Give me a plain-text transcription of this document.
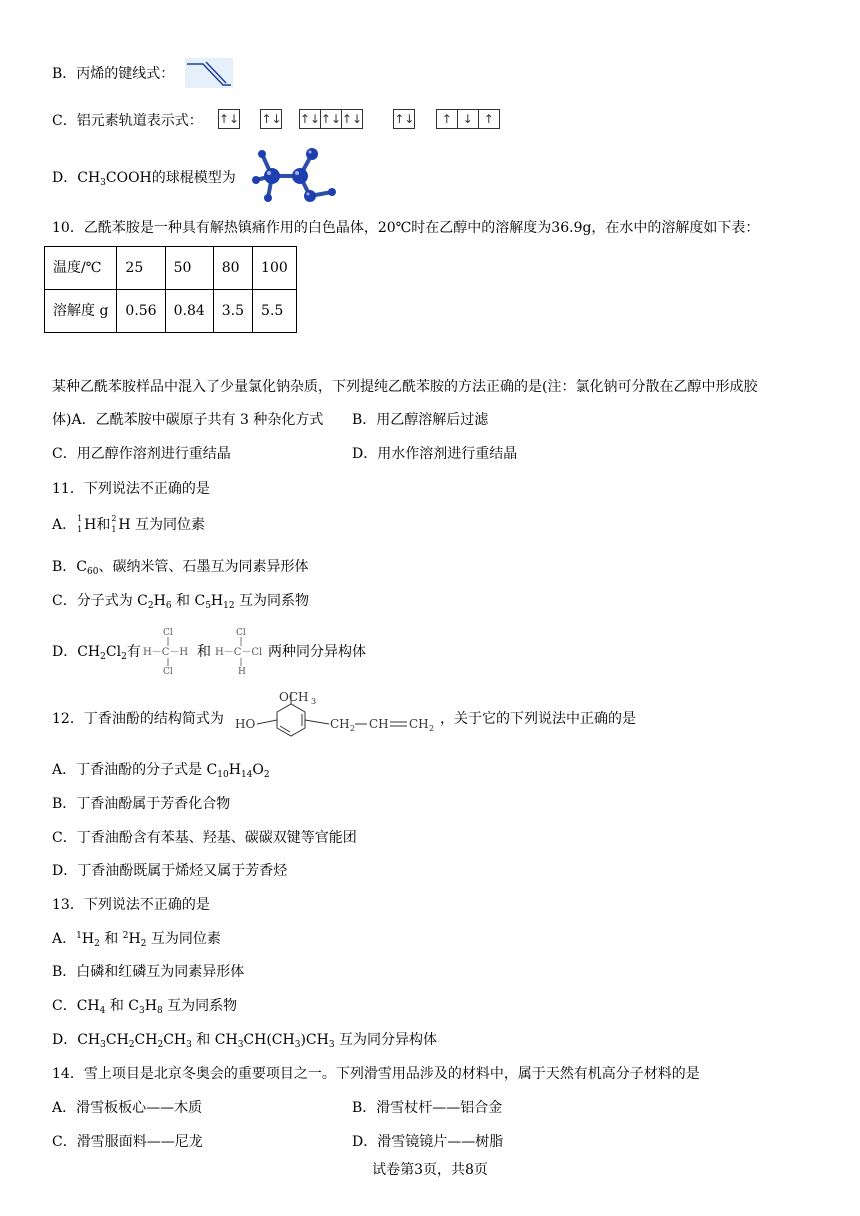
B．丙烯的键线式：
C．铝元素轨道表示式： ↑↓
↑↓
↑↓ ↑↓ ↑↓
	↑↓
	↑ ↓ ↑
D．$CH_3COOH$的球棍模型为
10．乙酰苯胺是一种具有解热镇痛作用的白色晶体，20℃时在乙醇中的溶解度为36.9g，在水中的溶解度如下表：
温度/℃	25	50	80	100
溶解度 g	0.56	0.84	3.5	5.5
某种乙酰苯胺样品中混入了少量氯化钠杂质，下列提纯乙酰苯胺的方法正确的是(注：氯化钠可分散在乙醇中形成胶
体)A．乙酰苯胺中碳原子共有 3 种杂化方式 B．用乙醇溶解后过滤
C．用乙醇作溶剂进行重结晶	D．用水作溶剂进行重结晶
11．下列说法不正确的是
A． 1
1 H和 2
1 H 互为同位素
B．$C_{60}$、碳纳米管、石墨互为同素异形体
C．分子式为 $C_2H_6$ 和 $C_5H_{12}$ 互为同系物
D．$CH_2Cl_2$有
Cl
H－C－H
Cl
和
Cl
H－C－Cl
H
两种同分异构体
12．丁香油酚的结构简式为
OCH 3
HO	CH 2 CH CH 2
，关于它的下列说法中正确的是
A．丁香油酚的分子式是 $C_{10}H_{14}O_2$
B．丁香油酚属于芳香化合物
C．丁香油酚含有苯基、羟基、碳碳双键等官能团
D．丁香油酚既属于烯烃又属于芳香烃
13．下列说法不正确的是
A．$^1H_2$ 和 $^2H_2$ 互为同位素
B．白磷和红磷互为同素异形体
C．$CH_4$ 和 $C_3H_8$ 互为同系物
D．$CH_3CH_2CH_2CH_3$ 和 $CH_3CH(CH_3)CH_3$ 互为同分异构体
14．雪上项目是北京冬奥会的重要项目之一。下列滑雪用品涉及的材料中，属于天然有机高分子材料的是
A．滑雪板板心——木质	B．滑雪杖杆——铝合金
C．滑雪服面料——尼龙	D．滑雪镜镜片——树脂
试卷第3页，共8页
